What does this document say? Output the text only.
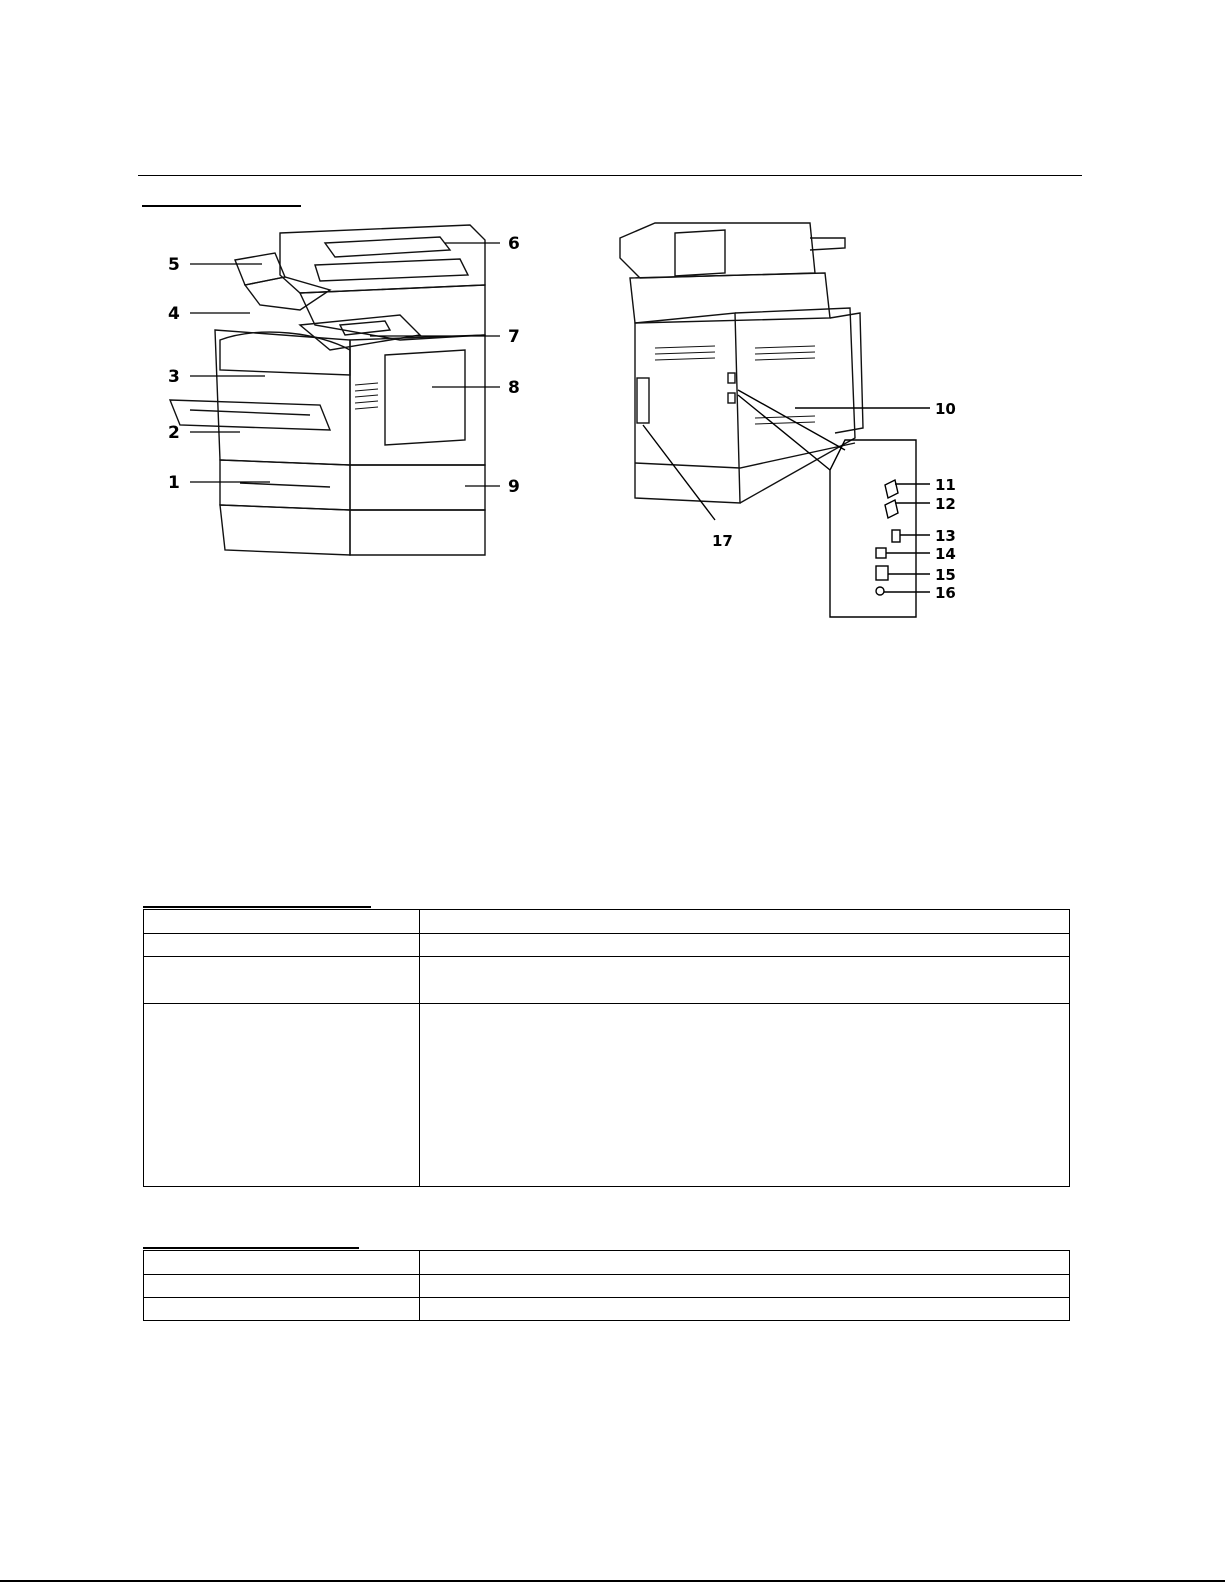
5
4
3
2
1
6
7
8
9
10
11
12
13
14
15
16
17
